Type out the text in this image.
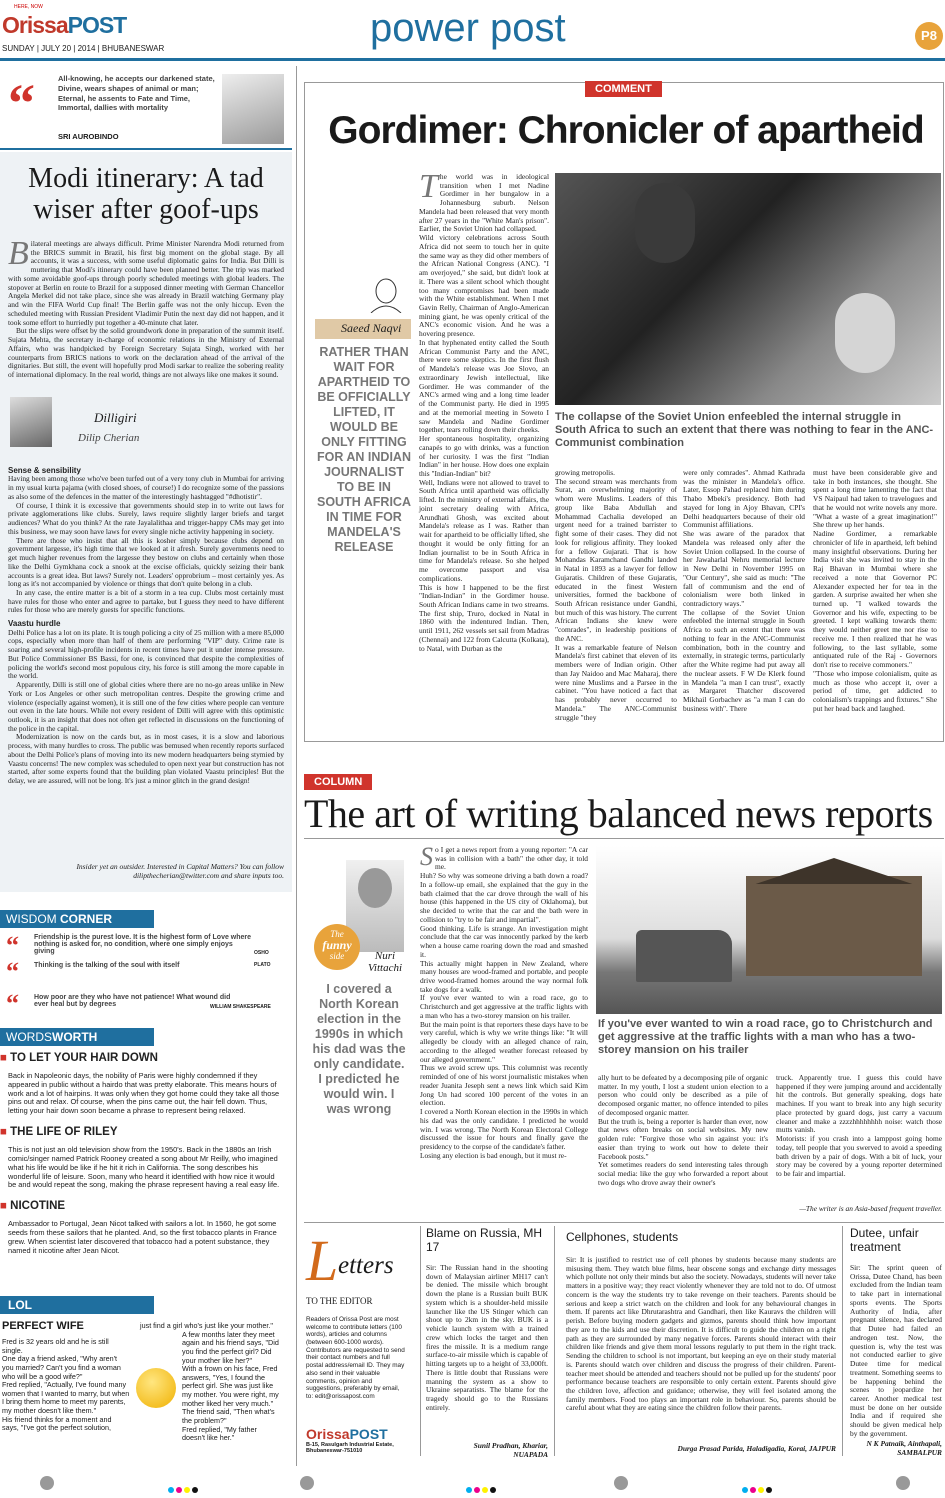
HERE, NOW
OrissaPOST
SUNDAY | JULY 20 | 2014 | BHUBANESWAR	power post	P8
“	All-knowing, he accepts our darkened state, Divine, wears shapes of animal or man; Eternal, he assents to Fate and Time, Immortal, dallies with mortality
SRI AUROBINDO
Modi itinerary: A tad wiser after goof-ups

Bilateral meetings are always difficult. Prime Minister Narendra Modi returned from the BRICS summit in Brazil, his first big moment on the global stage. By all accounts, it was a success, with some useful diplomatic gains for India. But Dilli is muttering that Modi's itinerary could have been planned better. The trip was marked with some avoidable goof-ups through poorly scheduled meetings with global leaders. The stopover at Berlin en route to Brazil for a supposed dinner meeting with German Chancellor Angela Merkel did not take place, since she was already in Brazil watching Germany play and win the FIFA World Cup final! The Berlin gaffe was not the only hiccup. Even the scheduled meeting with Russian President Vladimir Putin the next day did not happen, and it took some effort to hurriedly put together a 40-minute chat later.

But the slips were offset by the solid groundwork done in preparation of the summit itself. Sujata Mehta, the secretary in-charge of economic relations in the Ministry of External Affairs, who was handpicked by Foreign Secretary Sujata Singh, worked with her counterparts from BRICS nations to work on the declaration ahead of the arrival of the dignitaries. But still, the event will hopefully prod Modi sarkar to realize the sobering reality of international diplomacy. In the real world, things are not always like one makes it sound.

Dilligiri
Dilip Cherian
Sense & sensibility

Having been among those who've been turfed out of a very tony club in Mumbai for arriving in my usual kurta pajama (with closed shoes, of course!) I do recognize some of the passions as also some of the defences in the matter of the interestingly hashtagged "#dhotistir".

Of course, I think it is excessive that governments should step in to write out laws for private agglomerations like clubs. Surely, laws require slightly larger briefs and target audiences? What do you think? At the rate Jayalalithaa and trigger-happy CMs may get into this business, we may soon have laws for every single niche activity happening in society.

There are those who insist that all this is kosher simply because clubs depend on government largesse, it's high time that we looked at it afresh. Surely governments need to get much higher revenues from the largesse they bestow on clubs and certainly when those like the Delhi Gymkhana cock a snook at the excise officials, quickly seizing their bank accounts is a great idea. But laws? Surely not. Leaders' opprobrium – most certainly yes. As long as it's not accompanied by violence or things that don't quite belong in a club.

In any case, the entire matter is a bit of a storm in a tea cup. Clubs most certainly must have rules for those who enter and agree to partake, but I guess they need to have different rules for those who are merely guests for specific functions.

Vaastu hurdle

Delhi Police has a lot on its plate. It is tough policing a city of 25 million with a mere 85,000 cops, especially when more than half of them are performing "VIP" duty. Crime rate is soaring and several high-profile incidents in recent times have put it under intense pressure. But Police Commissioner BS Bassi, for one, is convinced that despite the complexities of policing the world's second most populous city, his force is still among the more capable in the world.

Apparently, Dilli is still one of global cities where there are no no-go areas unlike in New York or Los Angeles or other such metropolitan centres. Despite the growing crime and violence (especially against women), it is still one of the few cities where people can venture out even in the late hours. While not every resident of Dilli will agree with this optimistic outlook, it is an insight that does not often get reflected in discussions on the functioning of the police in the capital.

Modernization is now on the cards but, as in most cases, it is a slow and laborious process, with many hurdles to cross. The public was bemused when recently reports surfaced about the Delhi Police's plans of moving into its new modern headquarters being stymied by Vaastu concerns! The new complex was scheduled to open next year but construction has not started, after some experts found that the building plan violated Vaastu principles! But the delay, we are assured, will not be long. It's just a minor glitch in the grand design!

Insider yet an outsider. Interested in Capital Matters? You can follow dilipthecherian@twitter.com and share inputs too.
WISDOM CORNER
“ Friendship is the purest love. It is the highest form of Love where nothing is asked for, no condition, where one simply enjoys giving	OSHO
“ Thinking is the talking of the soul with itself	PLATO
“ How poor are they who have not patience! What wound did ever heal but by degrees	WILLIAM SHAKESPEARE
WORDSWORTH
■ TO LET YOUR HAIR DOWN
Back in Napoleonic days, the nobility of Paris were highly condemned if they appeared in public without a hairdo that was pretty elaborate. This means hours of work and a lot of hairpins. It was only when they got home could they take all those pins out and relax. Of course, when the pins came out, the hair fell down. Thus, letting your hair down soon became a phrase to represent being relaxed.
■ THE LIFE OF RILEY
This is not just an old television show from the 1950's. Back in the 1880s an Irish comic/singer named Patrick Rooney created a song about Mr Reilly, who imagined what his life would be like if he hit it rich in California. The song describes his wonderful life of leisure. Soon, many who heard it identified with how nice it would be and would repeat the song, making the phrase represent having a real easy life.
■ NICOTINE
Ambassador to Portugal, Jean Nicot talked with sailors a lot. In 1560, he got some seeds from these sailors that he planted. And, so the first tobacco plants in France grew. When scientist later discovered that tobacco had a potent substance, they named it nicotine after Jean Nicot.
LOL
PERFECT WIFE
Fred is 32 years old and he is still single.
One day a friend asked, "Why aren't you married? Can't you find a woman who will be a good wife?"
Fred replied, "Actually, I've found many women that I wanted to marry, but when I bring them home to meet my parents, my mother doesn't like them."
His friend thinks for a moment and says, "I've got the perfect solution,
just find a girl who's just like your mother."
A few months later they meet again and his friend says, "Did you find the perfect girl? Did your mother like her?"
With a frown on his face, Fred answers, "Yes, I found the perfect girl. She was just like my mother. You were right, my mother liked her very much."
The friend said, "Then what's the problem?"
Fred replied, "My father doesn't like her."
COMMENT
Gordimer: Chronicler of apartheid
Saeed Naqvi
RATHER THAN WAIT FOR APARTHEID TO BE OFFICIALLY LIFTED, IT WOULD BE ONLY FITTING FOR AN INDIAN JOURNALIST TO BE IN SOUTH AFRICA IN TIME FOR MANDELA'S RELEASE
The world was in ideological transition when I met Nadine Gordimer in her bungalow in a Johannesburg suburb. Nelson Mandela had been released that very month after 27 years in the "White Man's prison". Earlier, the Soviet Union had collapsed.
Wild victory celebrations across South Africa did not seem to touch her in quite the same way as they did other members of the African National Congress (ANC). "I am overjoyed," she said, but didn't look at it. There was a silent school which thought too many compromises had been made with the White establishment. When I met Gavin Relly, Chairman of Anglo-American mining giant, he was openly critical of the ANC's economic vision. And he was a hovering presence.
In that hyphenated entity called the South African Communist Party and the ANC, there were some skeptics. In the first flush of Mandela's release was Joe Slovo, an extraordinary Jewish intellectual, like Gordimer. He was commander of the ANC's armed wing and a long time leader of the Communist party. He died in 1995 and at the memorial meeting in Soweto I saw Mandela and Nadine Gordimer together, tears rolling down their cheeks.
Her spontaneous hospitality, organizing canapés to go with drinks, was a function of her curiosity. I was the first "Indian Indian" in her house. How does one explain this "Indian-Indian" bit?
Well, Indians were not allowed to travel to South Africa until apartheid was officially lifted. In the ministry of external affairs, the joint secretary dealing with Africa, Arundhati Ghosh, was excited about Mandela's release as I was. Rather than wait for apartheid to be officially lifted, she thought it would be only fitting for an Indian journalist to be in South Africa in time for Mandela's release. So she helped me overcome passport and visa complications.
This is how I happened to be the first "Indian-Indian" in the Gordimer house. South African Indians came in two streams. The first ship, Truro, docked in Natal in 1860 with the indentured Indian. Then, until 1911, 262 vessels set sail from Madras (Chennai) and 122 from Calcutta (Kolkata), to Natal, with Durban as the
The collapse of the Soviet Union enfeebled the internal struggle in South Africa to such an extent that there was nothing to fear in the ANC-Communist combination
growing metropolis.
The second stream was merchants from Surat, an overwhelming majority of whom were Muslims. Leaders of this group like Baba Abdullah and Mohammad Cachalia developed an urgent need for a trained barrister to fight some of their cases. They did not look for religious affinity. They looked for a fellow Gujarati. That is how Mohandas Karamchand Gandhi landed in Natal in 1893 as a lawyer for fellow Gujaratis. Children of these Gujaratis, educated in the finest Western universities, formed the backbone of South African resistance under Gandhi, but much of this was history. The current African Indians she knew were "comrades", in leadership positions of the ANC.
It was a remarkable feature of Nelson Mandela's first cabinet that eleven of its members were of Indian origin. Other than Jay Naidoo and Mac Maharaj, there were nine Muslims and a Parsee in the cabinet. "You have noticed a fact that has probably never occurred to Mandela." The ANC-Communist struggle "they
were only comrades". Ahmad Kathrada was the minister in Mandela's office. Later, Essop Pahad replaced him during Thabo Mbeki's presidency. Both had stayed for long in Ajoy Bhavan, CPI's Delhi headquarters because of their old Communist affiliations.
She was aware of the paradox that Mandela was released only after the Soviet Union collapsed. In the course of her Jawaharlal Nehru memorial lecture in New Delhi in November 1995 on "Our Century", she said as much: "The fall of communism and the end of colonialism were both linked in contradictory ways."
The collapse of the Soviet Union enfeebled the internal struggle in South Africa to such an extent that there was nothing to fear in the ANC-Communist combination, both in the country and externally, in strategic terms, particularly after the White regime had put away all the nuclear assets. F W De Klerk found in Mandela "a man I can trust", exactly as Margaret Thatcher discovered Mikhail Gorbachev as "a man I can do business with". There
must have been considerable give and take in both instances, she thought. She spent a long time lamenting the fact that VS Naipaul had taken to travelogues and that he would not write novels any more. "What a waste of a great imagination!" She threw up her hands.
Nadine Gordimer, a remarkable chronicler of life in apartheid, left behind many insightful observations. During her India visit she was invited to stay in the Raj Bhavan in Mumbai where she received a note that Governor PC Alexander expected her for tea in the garden. A surprise awaited her when she turned up. "I walked towards the Governor and his wife, expecting to be greeted. I kept walking towards them: they would neither greet me nor rise to receive me. I then realized that he was following, to the last syllable, some antiquated rule of the Raj - Governors don't rise to receive commoners."
"Those who impose colonialism, quite as much as those who accept it, over a period of time, get addicted to colonialism's trappings and fixtures." She put her head back and laughed.
COLUMN
The art of writing balanced news reports
The
funny
side	Nuri
Vittachi
I covered a North Korean election in the 1990s in which his dad was the only candidate. I predicted he would win. I was wrong
So I get a news report from a young reporter: "A car was in collision with a bath" the other day, it told me.
Huh? So why was someone driving a bath down a road? In a follow-up email, she explained that the guy in the bath claimed that the car drove through the wall of his house (this happened in the US city of Oklahoma), but she decided to write that the car and the bath were in collision to "try to be fair and impartial".
Good thinking. Life is strange. An investigation might conclude that the car was innocently parked by the kerb when a house came roaring down the road and smashed it.
This actually might happen in New Zealand, where many houses are wood-framed and portable, and people drive wood-framed homes around the way normal folk take dogs for a walk.
If you've ever wanted to win a road race, go to Christchurch and get aggressive at the traffic lights with a man who has a two-storey mansion on his trailer.
But the main point is that reporters these days have to be very careful, which is why we write things like: "It will allegedly be cloudy with an alleged chance of rain, according to the alleged weather forecast released by our alleged government."
Thus we avoid screw ups. This columnist was recently reminded of one of his worst journalistic mistakes when reader Juanita Jeseph sent a news link which said Kim Jong Un had scored 100 percent of the votes in an election.
I covered a North Korean election in the 1990s in which his dad was the only candidate. I predicted he would win. I was wrong. The North Korean Electoral College discussed the issue for hours and finally gave the presidency to the corpse of the candidate's father.
Losing any election is bad enough, but it must re-
If you've ever wanted to win a road race, go to Christchurch and get aggressive at the traffic lights with a man who has a two-storey mansion on his trailer
ally hurt to be defeated by a decomposing pile of organic matter. In my youth, I lost a student union election to a person who could only be described as a pile of decomposed organic matter, no offence intended to piles of decomposed organic matter.
But the truth is, being a reporter is harder than ever, now that news often breaks on social websites. My new golden rule: "Forgive those who sin against you: it's easier than trying to work out how to delete their Facebook posts."
Yet sometimes readers do send interesting tales through social media: like the guy who forwarded a report about two dogs who drove away their owner's
truck. Apparently true. I guess this could have happened if they were jumping around and accidentally hit the controls. But generally speaking, dogs hate machines. If you want to break into any high security place protected by guard dogs, just carry a vacuum cleaner and make a zzzzhhhhhhhh noise: watch those mutts vanish.
Motorists: if you crash into a lamppost going home today, tell people that you swerved to avoid a speeding bath driven by a pair of dogs. With a bit of luck, your story may be covered by a young reporter determined to be fair and impartial.
—The writer is an Asia-based frequent traveller.
L etters
TO THE EDITOR
Readers of Orissa Post are most welcome to contribute letters (100 words), articles and columns (between 600-1000 words). Contributors are requested to send their contact numbers and full postal address/email ID. They may also send in their valuable comments, opinion and suggestions, preferably by email, to: edit@orissapost.com
OrissaPOST
B-15, Rasulgarh Industrial Estate, Bhubaneswar-751010
Blame on Russia, MH 17
Sir: The Russian hand in the shooting down of Malaysian airliner MH17 can't be denied. The missile which brought down the plane is a Russian built BUK system which is a shoulder-held missile launcher like the US Stinger which can shoot up to 2km in the sky. BUK is a vehicle launch system with a trained crew which locks the target and then fires the missile. It is a medium range surface-to-air missile which is capable of hitting targets up to a height of 33,000ft. There is little doubt that Russians were manning the system as a show to Ukraine separatists. The blame for the tragedy should go to the Russians entirely.
Sunil Pradhan, Khariar,
NUAPADA
Cellphones, students
Sir: It is justified to restrict use of cell phones by students because many students are misusing them. They watch blue films, hear obscene songs and exchange dirty messages which pollute not only their minds but also the society. Nowadays, students will never take matters in a positive way; they react violently whenever they are told not to do. Of utmost concern is the way the students try to take revenge on their teachers. Parents should be serious and keep a strict watch on the children and look for any behavioural changes in them. If parents act like Dhrutarashtra and Gandhari, then like Kauravs the children will perish. Before buying modern gadgets and gizmos, parents should think how important they are to the kids and use their discretion. It is difficult to guide the children on a right path as they are surrounded by many negative forces. Parents should interact with their children like friends and give them moral lessons regularly to put them in the right track. Sending the children to school is not important, but keeping an eye on their study material is. Parents should watch over children and discuss the progress of their children. Parent-teacher meet should be attended and teachers should not be pulled up for the students' poor performance because teachers are responsible to only certain extent. Parents should give the children love, affection and guidance; otherwise, they will feel isolated among the family members. Food too plays an important role in behaviour. So, parents should be careful about what they are eating since the children follow their parents.
Durga Prasad Parida, Haladigadia, Korai, JAJPUR
Dutee, unfair treatment
Sir: The sprint queen of Orissa, Dutee Chand, has been excluded from the Indian team to take part in international sports events. The Sports Authority of India, after pregnant silence, has declared that Dutee had failed an androgen test. Now, the question is, why the test was not conducted earlier to give Dutee time for medical treatment. Something seems to be happening behind the scenes to jeopardize her career. Another medical test must be done on her outside India and if required she should be given medical help by the government.
N K Patnaik, Ainthapali,
SAMBALPUR
